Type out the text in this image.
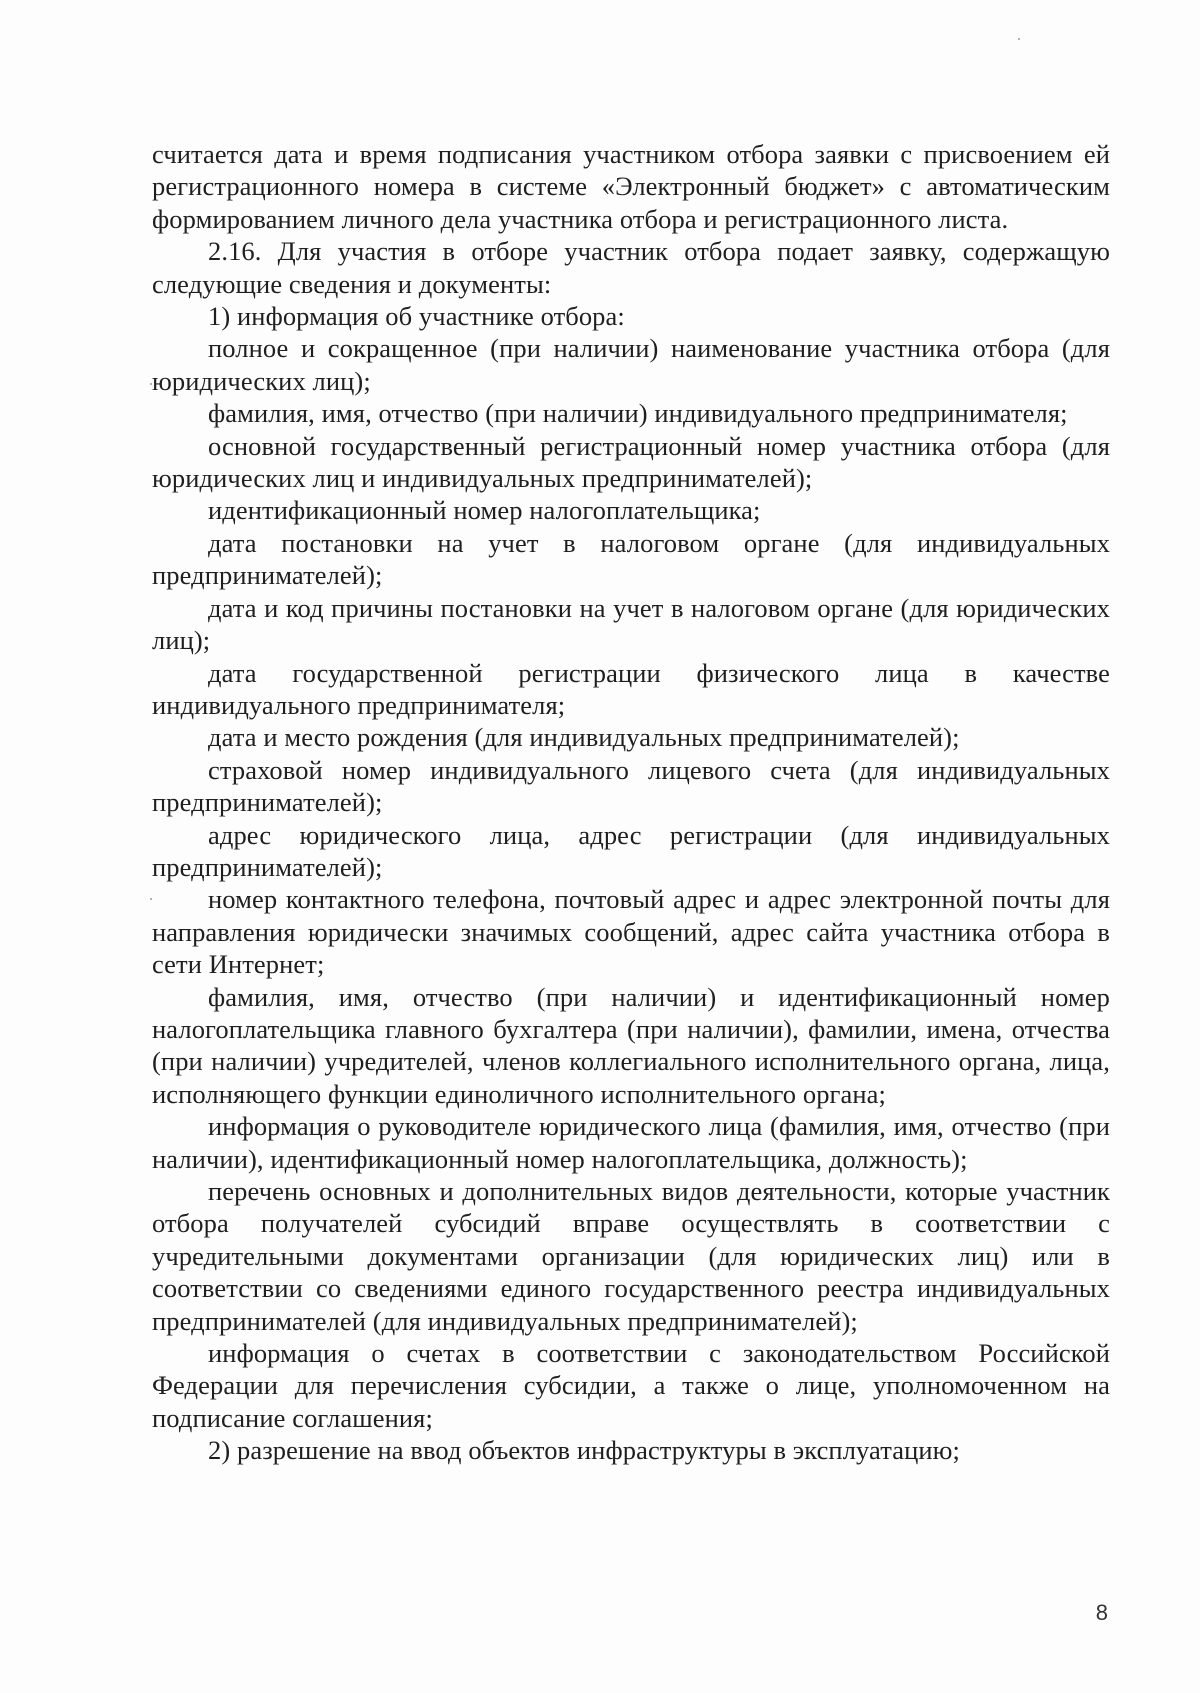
считается дата и время подписания участником отбора заявки с присвоением ей регистрационного номера в системе «Электронный бюджет» с автоматическим формированием личного дела участника отбора и регистрационного листа.

2.16. Для участия в отборе участник отбора подает заявку, содержащую следующие сведения и документы:

1) информация об участнике отбора:

полное и сокращенное (при наличии) наименование участника отбора (для юридических лиц);

фамилия, имя, отчество (при наличии) индивидуального предпринимателя;

основной государственный регистрационный номер участника отбора (для юридических лиц и индивидуальных предпринимателей);

идентификационный номер налогоплательщика;

дата постановки на учет в налоговом органе (для индивидуальных предпринимателей);

дата и код причины постановки на учет в налоговом органе (для юридических лиц);

дата государственной регистрации физического лица в качестве индивидуального предпринимателя;

дата и место рождения (для индивидуальных предпринимателей);

страховой номер индивидуального лицевого счета (для индивидуальных предпринимателей);

адрес юридического лица, адрес регистрации (для индивидуальных предпринимателей);

номер контактного телефона, почтовый адрес и адрес электронной почты для направления юридически значимых сообщений, адрес сайта участника отбора в сети Интернет;

фамилия, имя, отчество (при наличии) и идентификационный номер налогоплательщика главного бухгалтера (при наличии), фамилии, имена, отчества (при наличии) учредителей, членов коллегиального исполнительного органа, лица, исполняющего функции единоличного исполнительного органа;

информация о руководителе юридического лица (фамилия, имя, отчество (при наличии), идентификационный номер налогоплательщика, должность);

перечень основных и дополнительных видов деятельности, которые участник отбора получателей субсидий вправе осуществлять в соответствии с учредительными документами организации (для юридических лиц) или в соответствии со сведениями единого государственного реестра индивидуальных предпринимателей (для индивидуальных предпринимателей);

информация о счетах в соответствии с законодательством Российской Федерации для перечисления субсидии, а также о лице, уполномоченном на подписание соглашения;

2) разрешение на ввод объектов инфраструктуры в эксплуатацию;

8
